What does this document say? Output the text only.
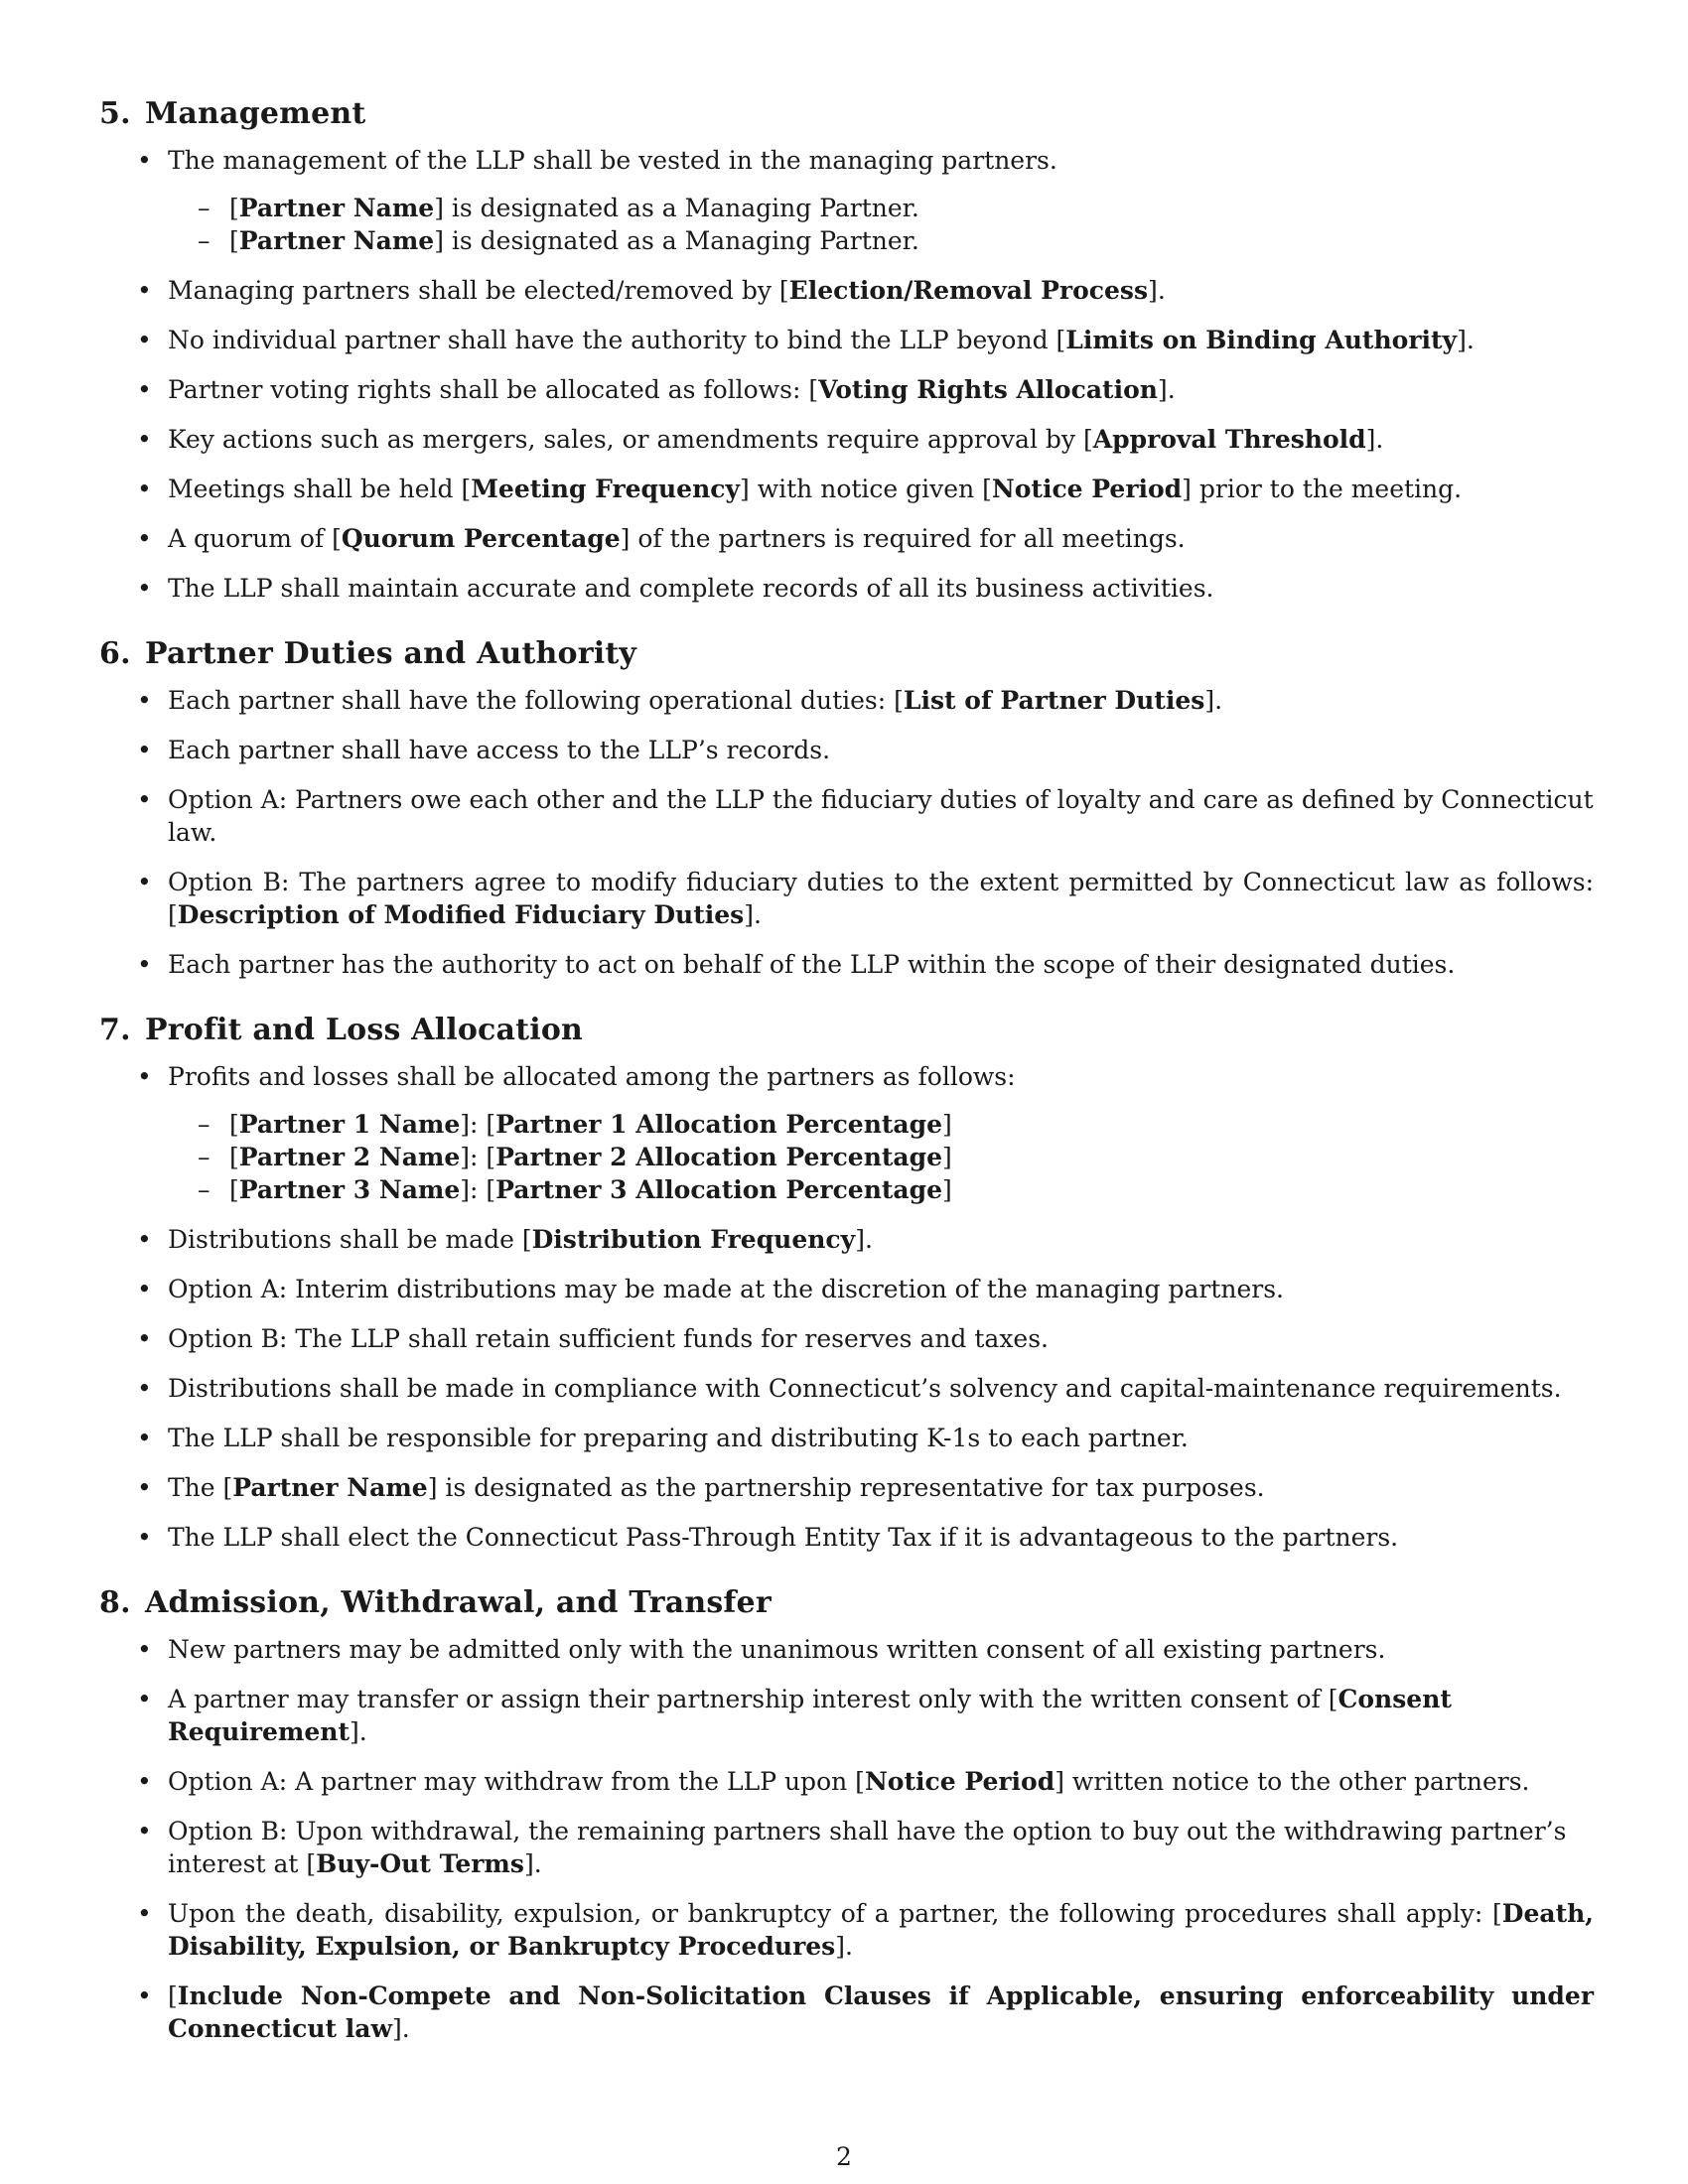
5. Management
• The management of the LLP shall be vested in the managing partners.
– [Partner Name] is designated as a Managing Partner.
– [Partner Name] is designated as a Managing Partner.
• Managing partners shall be elected/removed by [Election/Removal Process].
• No individual partner shall have the authority to bind the LLP beyond [Limits on Binding Authority].
• Partner voting rights shall be allocated as follows: [Voting Rights Allocation].
• Key actions such as mergers, sales, or amendments require approval by [Approval Threshold].
• Meetings shall be held [Meeting Frequency] with notice given [Notice Period] prior to the meeting.
• A quorum of [Quorum Percentage] of the partners is required for all meetings.
• The LLP shall maintain accurate and complete records of all its business activities.
6. Partner Duties and Authority
• Each partner shall have the following operational duties: [List of Partner Duties].
• Each partner shall have access to the LLP’s records.
• Option A: Partners owe each other and the LLP the fiduciary duties of loyalty and care as defined by Connecticut law.
• Option B: The partners agree to modify fiduciary duties to the extent permitted by Connecticut law as follows: [Description of Modified Fiduciary Duties].
• Each partner has the authority to act on behalf of the LLP within the scope of their designated duties.
7. Profit and Loss Allocation
• Profits and losses shall be allocated among the partners as follows:
– [Partner 1 Name]: [Partner 1 Allocation Percentage]
– [Partner 2 Name]: [Partner 2 Allocation Percentage]
– [Partner 3 Name]: [Partner 3 Allocation Percentage]
• Distributions shall be made [Distribution Frequency].
• Option A: Interim distributions may be made at the discretion of the managing partners.
• Option B: The LLP shall retain sufficient funds for reserves and taxes.
• Distributions shall be made in compliance with Connecticut’s solvency and capital-maintenance requirements.
• The LLP shall be responsible for preparing and distributing K-1s to each partner.
• The [Partner Name] is designated as the partnership representative for tax purposes.
• The LLP shall elect the Connecticut Pass-Through Entity Tax if it is advantageous to the partners.
8. Admission, Withdrawal, and Transfer
• New partners may be admitted only with the unanimous written consent of all existing partners.
• A partner may transfer or assign their partnership interest only with the written consent of [Consent Requirement].
• Option A: A partner may withdraw from the LLP upon [Notice Period] written notice to the other partners.
• Option B: Upon withdrawal, the remaining partners shall have the option to buy out the withdrawing partner’s interest at [Buy-Out Terms].
• Upon the death, disability, expulsion, or bankruptcy of a partner, the following procedures shall apply: [Death, Disability, Expulsion, or Bankruptcy Procedures].
• [Include Non-Compete and Non-Solicitation Clauses if Applicable, ensuring enforceability under Connecticut law].
2
